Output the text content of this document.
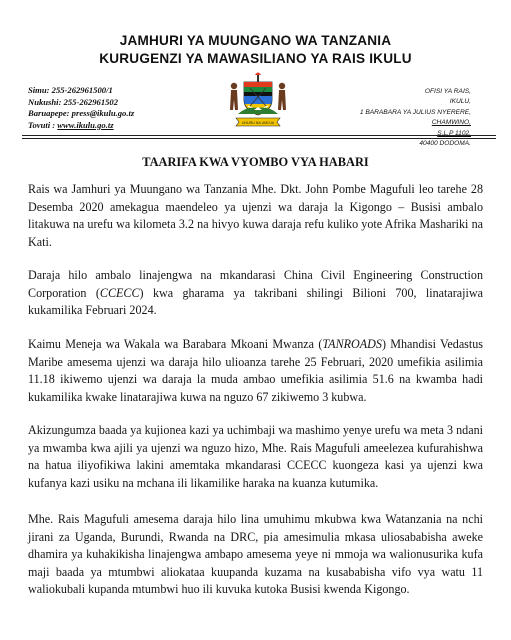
JAMHURI YA MUUNGANO WA TANZANIA
KURUGENZI YA MAWASILIANO YA RAIS IKULU
Simu: 255-262961500/1
Nukushi: 255-262961502
Baruapepe: press@ikulu.go.tz
Tovuti : www.ikulu.go.tz	UHURU NA UMOJA
OFISI YA RAIS,
IKULU,
1 BARABARA YA JULIUS NYERERE,
CHAMWINO,
S.L.P 1102,
40400 DODOMA.
TAARIFA KWA VYOMBO VYA HABARI
Rais wa Jamhuri ya Muungano wa Tanzania Mhe. Dkt. John Pombe Magufuli leo tarehe 28 Desemba 2020 amekagua maendeleo ya ujenzi wa daraja la Kigongo – Busisi ambalo litakuwa na urefu wa kilometa 3.2 na hivyo kuwa daraja refu kuliko yote Afrika Mashariki na Kati.
Daraja hilo ambalo linajengwa na mkandarasi China Civil Engineering Construction Corporation (CCECC) kwa gharama ya takribani shilingi Bilioni 700, linatarajiwa kukamilika Februari 2024.
Kaimu Meneja wa Wakala wa Barabara Mkoani Mwanza (TANROADS) Mhandisi Vedastus Maribe amesema ujenzi wa daraja hilo ulioanza tarehe 25 Februari, 2020 umefikia asilimia 11.18 ikiwemo ujenzi wa daraja la muda ambao umefikia asilimia 51.6 na kwamba hadi kukamilika kwake linatarajiwa kuwa na nguzo 67 zikiwemo 3 kubwa.
Akizungumza baada ya kujionea kazi ya uchimbaji wa mashimo yenye urefu wa meta 3 ndani ya mwamba kwa ajili ya ujenzi wa nguzo hizo, Mhe. Rais Magufuli ameelezea kufurahishwa na hatua iliyofikiwa lakini amemtaka mkandarasi CCECC kuongeza kasi ya ujenzi kwa kufanya kazi usiku na mchana ili likamilike haraka na kuanza kutumika.
Mhe. Rais Magufuli amesema daraja hilo lina umuhimu mkubwa kwa Watanzania na nchi jirani za Uganda, Burundi, Rwanda na DRC, pia amesimulia mkasa uliosababisha aweke dhamira ya kuhakikisha linajengwa ambapo amesema yeye ni mmoja wa walionusurika kufa maji baada ya mtumbwi aliokataa kuupanda kuzama na kusababisha vifo vya watu 11 waliokubali kupanda mtumbwi huo ili kuvuka kutoka Busisi kwenda Kigongo.
